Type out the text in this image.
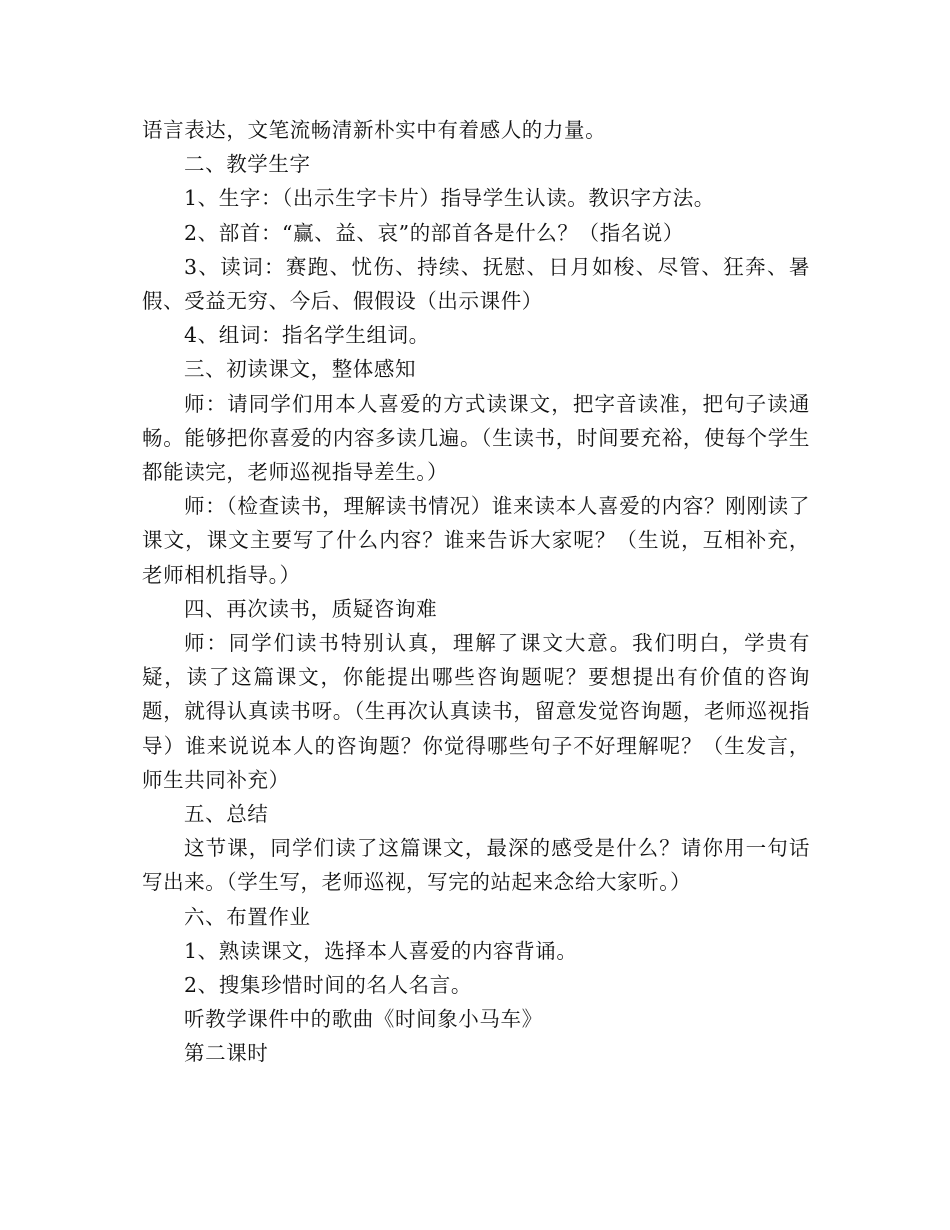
语言表达，文笔流畅清新朴实中有着感人的力量。

二、教学生字

1、生字：（出示生字卡片）指导学生认读。教识字方法。

2、部首：“赢、益、哀”的部首各是什么？（指名说）

3、读词：赛跑、忧伤、持续、抚慰、日月如梭、尽管、狂奔、暑假、受益无穷、今后、假假设（出示课件）

4、组词：指名学生组词。

三、初读课文，整体感知

师：请同学们用本人喜爱的方式读课文，把字音读准，把句子读通畅。能够把你喜爱的内容多读几遍。（生读书，时间要充裕，使每个学生都能读完，老师巡视指导差生。）

师：（检查读书，理解读书情况）谁来读本人喜爱的内容？刚刚读了课文，课文主要写了什么内容？谁来告诉大家呢？（生说，互相补充，老师相机指导。）

四、再次读书，质疑咨询难

师：同学们读书特别认真，理解了课文大意。我们明白，学贵有疑，读了这篇课文，你能提出哪些咨询题呢？要想提出有价值的咨询题，就得认真读书呀。（生再次认真读书，留意发觉咨询题，老师巡视指导）谁来说说本人的咨询题？你觉得哪些句子不好理解呢？（生发言，师生共同补充）

五、总结

这节课，同学们读了这篇课文，最深的感受是什么？请你用一句话写出来。（学生写，老师巡视，写完的站起来念给大家听。）

六、布置作业

1、熟读课文，选择本人喜爱的内容背诵。

2、搜集珍惜时间的名人名言。

听教学课件中的歌曲《时间象小马车》

第二课时
